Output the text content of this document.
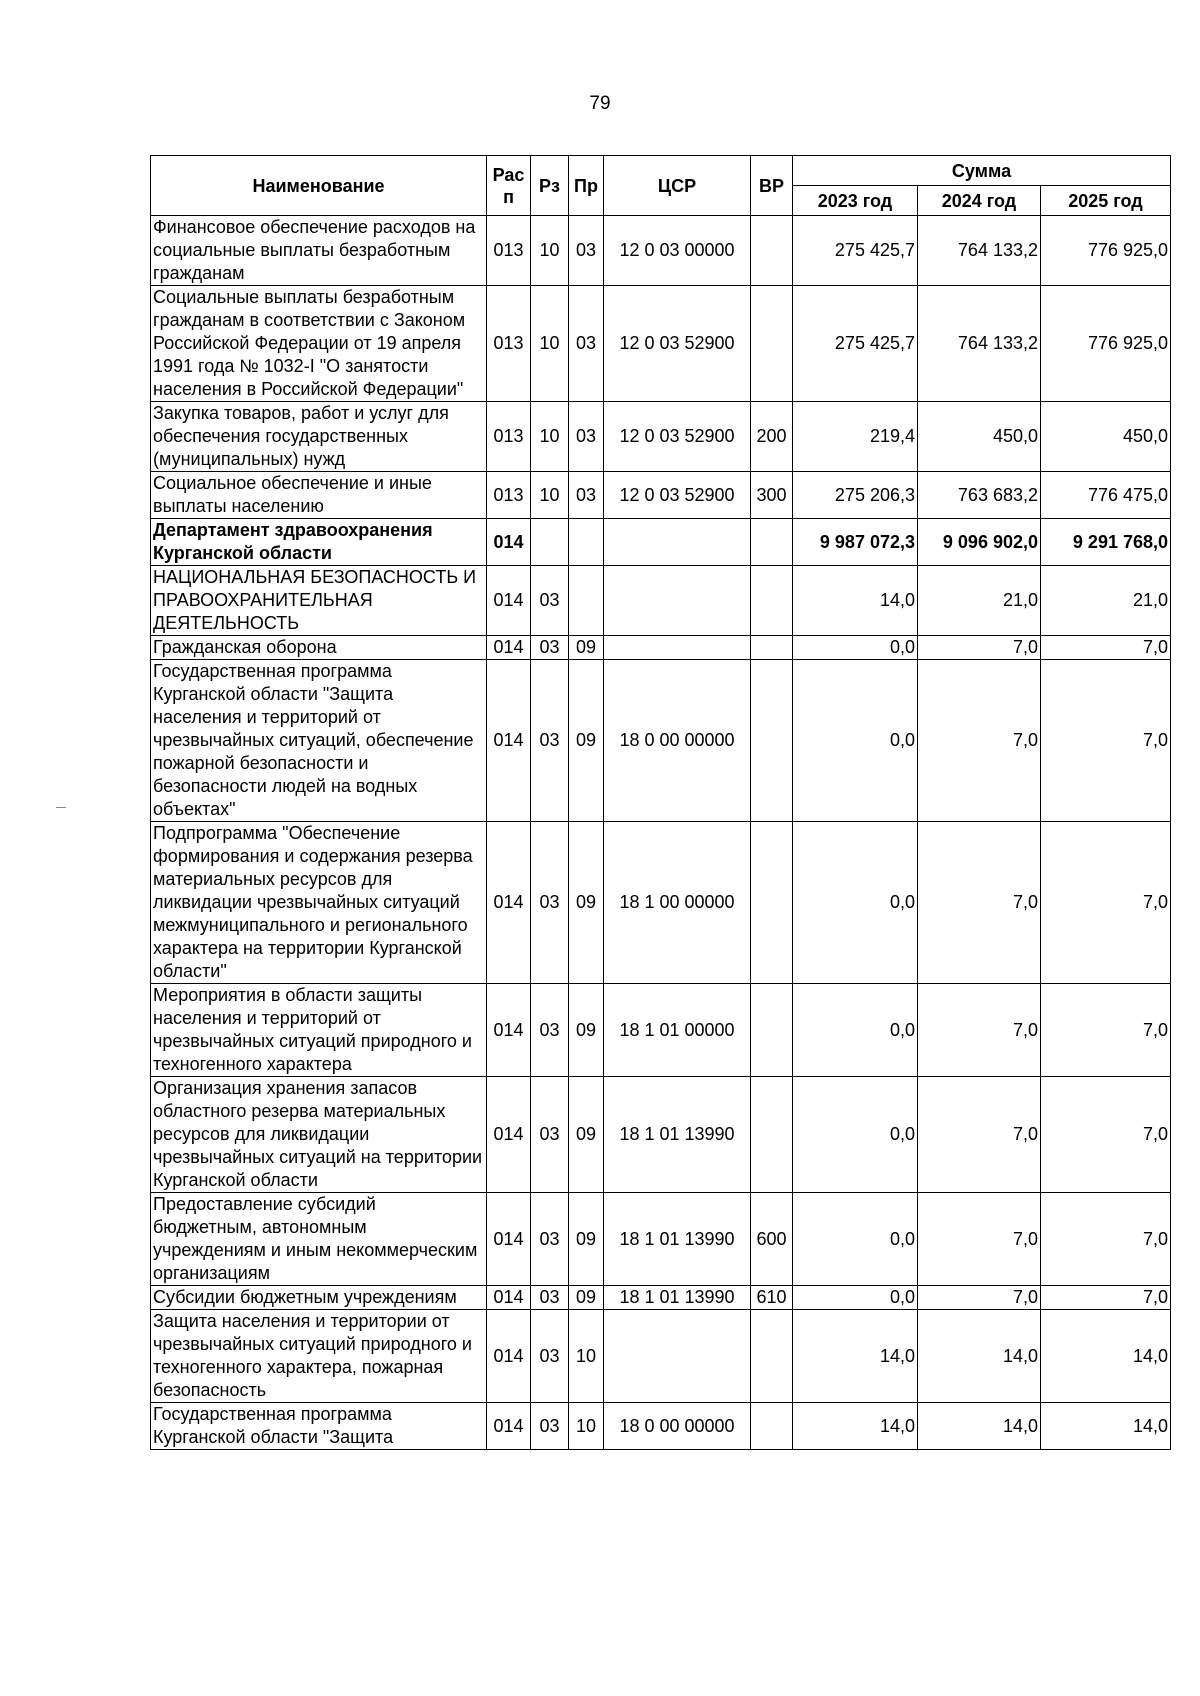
79
Наименование	Рас п	Рз	Пр	ЦСР	ВР	Сумма		
						2023 год	2024 год	2025 год
Финансовое обеспечение расходов на социальные выплаты безработным гражданам	013	10	03	12 0 03 00000		275 425,7	764 133,2	776 925,0
Социальные выплаты безработным гражданам в соответствии с Законом Российской Федерации от 19 апреля 1991 года № 1032-I "О занятости населения в Российской Федерации"	013	10	03	12 0 03 52900		275 425,7	764 133,2	776 925,0
Закупка товаров, работ и услуг для обеспечения государственных (муниципальных) нужд	013	10	03	12 0 03 52900	200	219,4	450,0	450,0
Социальное обеспечение и иные выплаты населению	013	10	03	12 0 03 52900	300	275 206,3	763 683,2	776 475,0
Департамент здравоохранения Курганской области	014					9 987 072,3	9 096 902,0	9 291 768,0
НАЦИОНАЛЬНАЯ БЕЗОПАСНОСТЬ И ПРАВООХРАНИТЕЛЬНАЯ ДЕЯТЕЛЬНОСТЬ	014	03				14,0	21,0	21,0
Гражданская оборона	014	03	09			0,0	7,0	7,0
Государственная программа Курганской области "Защита населения и территорий от чрезвычайных ситуаций, обеспечение пожарной безопасности и безопасности людей на водных объектах"	014	03	09	18 0 00 00000		0,0	7,0	7,0
Подпрограмма "Обеспечение формирования и содержания резерва материальных ресурсов для ликвидации чрезвычайных ситуаций межмуниципального и регионального характера на территории Курганской области"	014	03	09	18 1 00 00000		0,0	7,0	7,0
Мероприятия в области защиты населения и территорий от чрезвычайных ситуаций природного и техногенного характера	014	03	09	18 1 01 00000		0,0	7,0	7,0
Организация хранения запасов областного резерва материальных ресурсов для ликвидации чрезвычайных ситуаций на территории Курганской области	014	03	09	18 1 01 13990		0,0	7,0	7,0
Предоставление субсидий бюджетным, автономным учреждениям и иным некоммерческим организациям	014	03	09	18 1 01 13990	600	0,0	7,0	7,0
Субсидии бюджетным учреждениям	014	03	09	18 1 01 13990	610	0,0	7,0	7,0
Защита населения и территории от чрезвычайных ситуаций природного и техногенного характера, пожарная безопасность	014	03	10			14,0	14,0	14,0
Государственная программа Курганской области "Защита	014	03	10	18 0 00 00000		14,0	14,0	14,0
